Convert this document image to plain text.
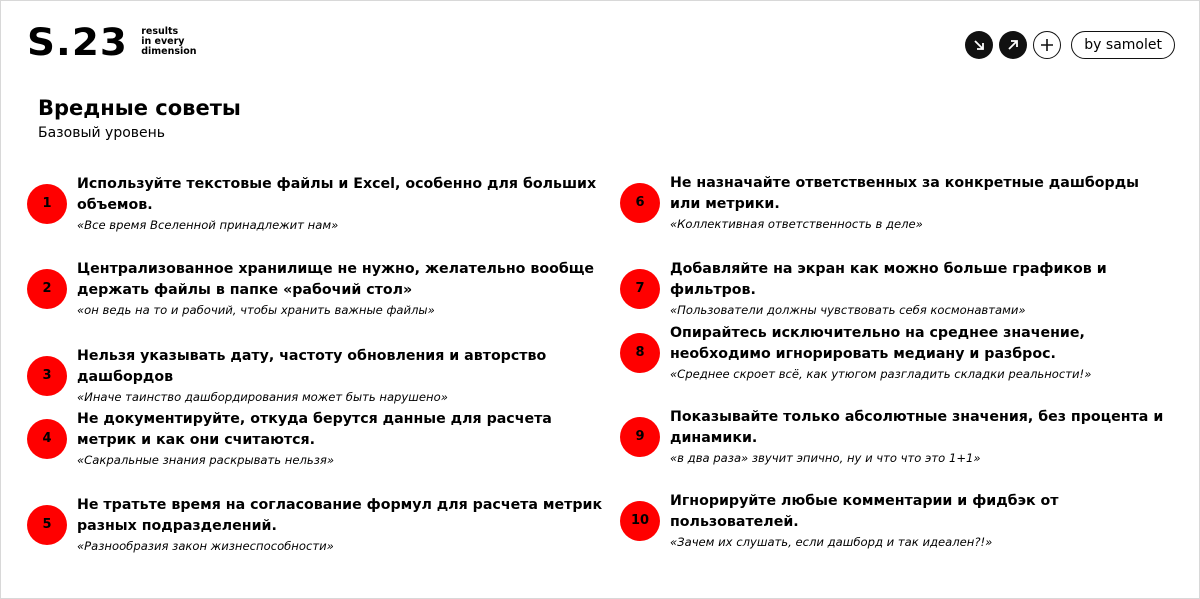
S.23 results
in every
dimension	by samolet
Вредные советы
Базовый уровень
1
Используйте текстовые файлы и Excel, особенно для больших объемов.
«Все время Вселенной принадлежит нам»
2
Централизованное хранилище не нужно, желательно вообще держать файлы в папке «рабочий стол»
«он ведь на то и рабочий, чтобы хранить важные файлы»
3
Нельзя указывать дату, частоту обновления и авторство дашбордов
«Иначе таинство дашбордирования может быть нарушено»
4
Не документируйте, откуда берутся данные для расчета метрик и как они считаются.
«Сакральные знания раскрывать нельзя»
5
Не тратьте время на согласование формул для расчета метрик разных подразделений.
«Разнообразия закон жизнеспособности»
6
Не назначайте ответственных за конкретные дашборды или метрики.
«Коллективная ответственность в деле»
7
Добавляйте на экран как можно больше графиков и фильтров.
«Пользователи должны чувствовать себя космонавтами»
8
Опирайтесь исключительно на среднее значение, необходимо игнорировать медиану и разброс.
«Среднее скроет всё, как утюгом разгладить складки реальности!»
9
Показывайте только абсолютные значения, без процента и динамики.
«в два раза» звучит эпично, ну и что что это 1+1»
10
Игнорируйте любые комментарии и фидбэк от пользователей.
«Зачем их слушать, если дашборд и так идеален?!»
